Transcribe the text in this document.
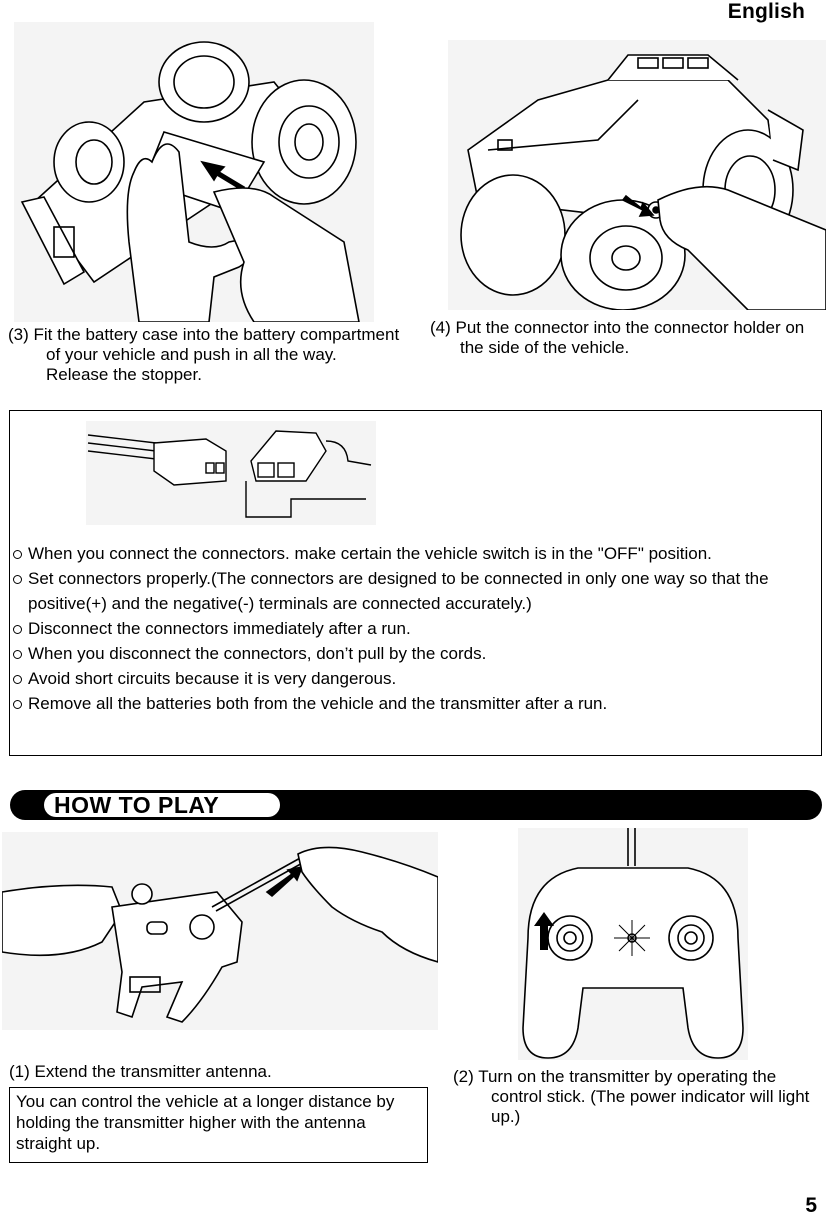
English
(3) Fit the battery case into the battery compartment of your vehicle and push in all the way. Release the stopper.
(4) Put the connector into the connector holder on the side of the vehicle.
When you connect the connectors. make certain the vehicle switch is in the "OFF" position.
Set connectors properly.(The connectors are designed to be connected in only one way so that the positive(+) and the negative(-) terminals are connected accurately.)
Disconnect the connectors immediately after a run.
When you disconnect the connectors, don’t pull by the cords.
Avoid short circuits because it is very dangerous.
Remove all the batteries both from the vehicle and the transmitter after a run.
HOW TO PLAY
(1) Extend the transmitter antenna.
You can control the vehicle at a longer distance by holding the transmitter higher with the antenna straight up.
(2) Turn on the transmitter by operating the control stick. (The power indicator will light up.)
5
